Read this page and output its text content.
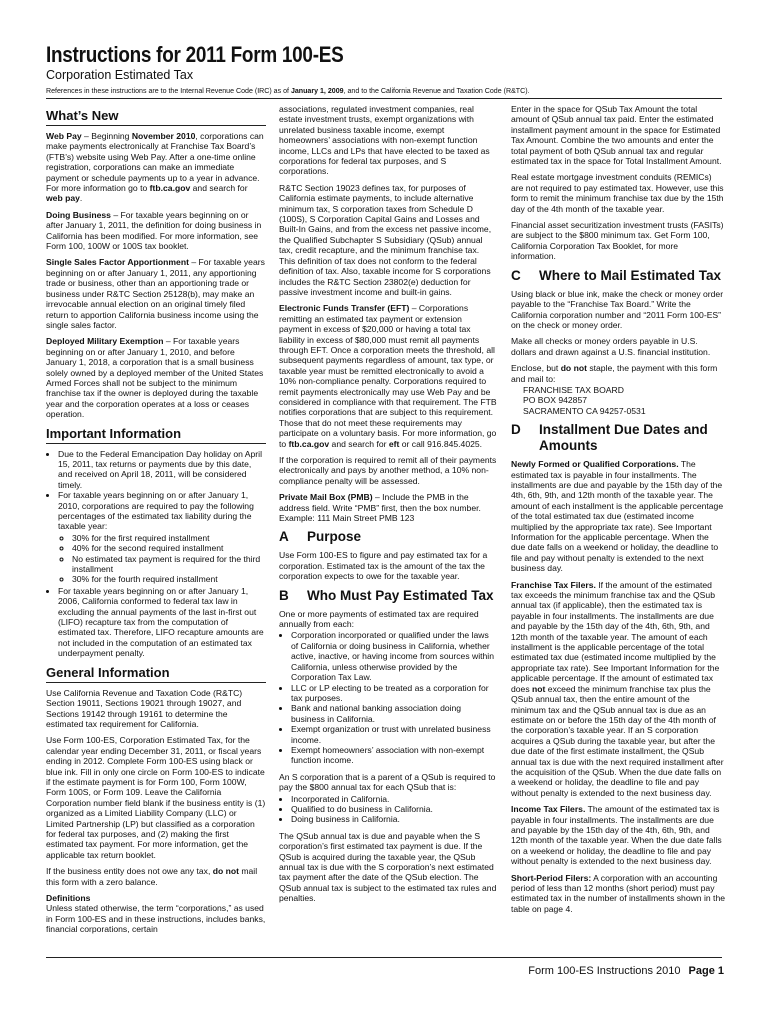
Instructions for 2011 Form 100-ES
Corporation Estimated Tax
References in these instructions are to the Internal Revenue Code (IRC) as of January 1, 2009, and to the California Revenue and Taxation Code (R&TC).
What’s New

Web Pay – Beginning November 2010, corporations can make payments electronically at Franchise Tax Board’s (FTB’s) website using Web Pay. After a one-time online registration, corporations can make an immediate payment or schedule payments up to a year in advance. For more information go to ftb.ca.gov and search for web pay.

Doing Business – For taxable years beginning on or after January 1, 2011, the definition for doing business in California has been modified. For more information, see Form 100, 100W or 100S tax booklet.

Single Sales Factor Apportionment – For taxable years beginning on or after January 1, 2011, any apportioning trade or business, other than an apportioning trade or business under R&TC Section 25128(b), may make an irrevocable annual election on an original timely filed return to apportion California business income using the single sales factor.

Deployed Military Exemption – For taxable years beginning on or after January 1, 2010, and before January 1, 2018, a corporation that is a small business solely owned by a deployed member of the United States Armed Forces shall not be subject to the minimum franchise tax if the owner is deployed during the taxable year and the corporation operates at a loss or ceases operation.

Important Information
• Due to the Federal Emancipation Day holiday on April 15, 2011, tax returns or payments due by this date, and received on April 18, 2011, will be considered timely.
• For taxable years beginning on or after January 1, 2010, corporations are required to pay the following percentages of the estimated tax liability during the taxable year:
◦ 30% for the first required installment
◦ 40% for the second required installment
◦ No estimated tax payment is required for the third installment
◦ 30% for the fourth required installment
• For taxable years beginning on or after January 1, 2006, California conformed to federal tax law in excluding the annual payments of the last in-first out (LIFO) recapture tax from the computation of estimated tax. Therefore, LIFO recapture amounts are not included in the computation of an estimated tax underpayment penalty.
General Information

Use California Revenue and Taxation Code (R&TC) Section 19011, Sections 19021 through 19027, and Sections 19142 through 19161 to determine the estimated tax requirement for California.

Use Form 100-ES, Corporation Estimated Tax, for the calendar year ending December 31, 2011, or fiscal years ending in 2012. Complete Form 100-ES using black or blue ink. Fill in only one circle on Form 100-ES to indicate if the estimate payment is for Form 100, Form 100W, Form 100S, or Form 109. Leave the California Corporation number field blank if the business entity is (1) organized as a Limited Liability Company (LLC) or Limited Partnership (LP) but classified as a corporation for federal tax purposes, and (2) making the first estimated tax payment. For more information, get the applicable tax return booklet.

If the business entity does not owe any tax, do not mail this form with a zero balance.

Definitions

Unless stated otherwise, the term “corporations,” as used in Form 100-ES and in these instructions, includes banks, financial corporations, certain

associations, regulated investment companies, real estate investment trusts, exempt organizations with unrelated business taxable income, exempt homeowners’ associations with non-exempt function income, LLCs and LPs that have elected to be taxed as corporations for federal tax purposes, and S corporations.

R&TC Section 19023 defines tax, for purposes of California estimate payments, to include alternative minimum tax, S corporation taxes from Schedule D (100S), S Corporation Capital Gains and Losses and Built-In Gains, and from the excess net passive income, the Qualified Subchapter S Subsidiary (QSub) annual tax, credit recapture, and the minimum franchise tax. This definition of tax does not conform to the federal definition of tax. Also, taxable income for S corporations includes the R&TC Section 23802(e) deduction for passive investment income and built-in gains.

Electronic Funds Transfer (EFT) – Corporations remitting an estimated tax payment or extension payment in excess of $20,000 or having a total tax liability in excess of $80,000 must remit all payments through EFT. Once a corporation meets the threshold, all subsequent payments regardless of amount, tax type, or taxable year must be remitted electronically to avoid a 10% non-compliance penalty. Corporations required to remit payments electronically may use Web Pay and be considered in compliance with that requirement. The FTB notifies corporations that are subject to this requirement. Those that do not meet these requirements may participate on a voluntary basis. For more information, go to ftb.ca.gov and search for eft or call 916.845.4025.

If the corporation is required to remit all of their payments electronically and pays by another method, a 10% non-compliance penalty will be assessed.

Private Mail Box (PMB) – Include the PMB in the address field. Write “PMB” first, then the box number. Example: 111 Main Street PMB 123

A	Purpose

Use Form 100-ES to figure and pay estimated tax for a corporation. Estimated tax is the amount of the tax the corporation expects to owe for the taxable year.

B	Who Must Pay Estimated Tax

One or more payments of estimated tax are required annually from each:

• Corporation incorporated or qualified under the laws of California or doing business in California, whether active, inactive, or having income from sources within California, unless otherwise provided by the Corporation Tax Law.
• LLC or LP electing to be treated as a corporation for tax purposes.
• Bank and national banking association doing business in California.
• Exempt organization or trust with unrelated business income.
• Exempt homeowners’ association with non-exempt function income.

An S corporation that is a parent of a QSub is required to pay the $800 annual tax for each QSub that is:

• Incorporated in California.
• Qualified to do business in California.
• Doing business in California.

The QSub annual tax is due and payable when the S corporation’s first estimated tax payment is due. If the QSub is acquired during the taxable year, the QSub annual tax is due with the S corporation’s next estimated tax payment after the date of the QSub election. The QSub annual tax is subject to the estimated tax rules and penalties.

Enter in the space for QSub Tax Amount the total amount of QSub annual tax paid. Enter the estimated installment payment amount in the space for Estimated Tax Amount. Combine the two amounts and enter the total payment of both QSub annual tax and regular estimated tax in the space for Total Installment Amount.

Real estate mortgage investment conduits (REMICs) are not required to pay estimated tax. However, use this form to remit the minimum franchise tax due by the 15th day of the 4th month of the taxable year.

Financial asset securitization investment trusts (FASITs) are subject to the $800 minimum tax. Get Form 100, California Corporation Tax Booklet, for more information.

C	Where to Mail Estimated Tax

Using black or blue ink, make the check or money order payable to the “Franchise Tax Board.” Write the California corporation number and “2011 Form 100-ES” on the check or money order.

Make all checks or money orders payable in U.S. dollars and drawn against a U.S. financial institution.

Enclose, but do not staple, the payment with this form and mail to:

FRANCHISE TAX BOARD
PO BOX 942857
SACRAMENTO CA 94257-0531
D	Installment Due Dates and Amounts

Newly Formed or Qualified Corporations. The estimated tax is payable in four installments. The installments are due and payable by the 15th day of the 4th, 6th, 9th, and 12th month of the taxable year. The amount of each installment is the applicable percentage of the total estimated tax due (estimated income multiplied by the appropriate tax rate). See Important Information for the applicable percentage. When the due date falls on a weekend or holiday, the deadline to file and pay without penalty is extended to the next business day.

Franchise Tax Filers. If the amount of the estimated tax exceeds the minimum franchise tax and the QSub annual tax (if applicable), then the estimated tax is payable in four installments. The installments are due and payable by the 15th day of the 4th, 6th, 9th, and 12th month of the taxable year. The amount of each installment is the applicable percentage of the total estimated tax due (estimated income multiplied by the appropriate tax rate). See Important Information for the applicable percentage. If the amount of estimated tax does not exceed the minimum franchise tax plus the QSub annual tax, then the entire amount of the minimum tax and the QSub annual tax is due as an estimate on or before the 15th day of the 4th month of the corporation’s taxable year. If an S corporation acquires a QSub during the taxable year, but after the due date of the first estimate installment, the QSub annual tax is due with the next required installment after the acquisition of the QSub. When the due date falls on a weekend or holiday, the deadline to file and pay without penalty is extended to the next business day.

Income Tax Filers. The amount of the estimated tax is payable in four installments. The installments are due and payable by the 15th day of the 4th, 6th, 9th, and 12th month of the taxable year. When the due date falls on a weekend or holiday, the deadline to file and pay without penalty is extended to the next business day.

Short-Period Filers: A corporation with an accounting period of less than 12 months (short period) must pay estimated tax in the number of installments shown in the table on page 4.

Form 100-ES Instructions 2010 Page 1
